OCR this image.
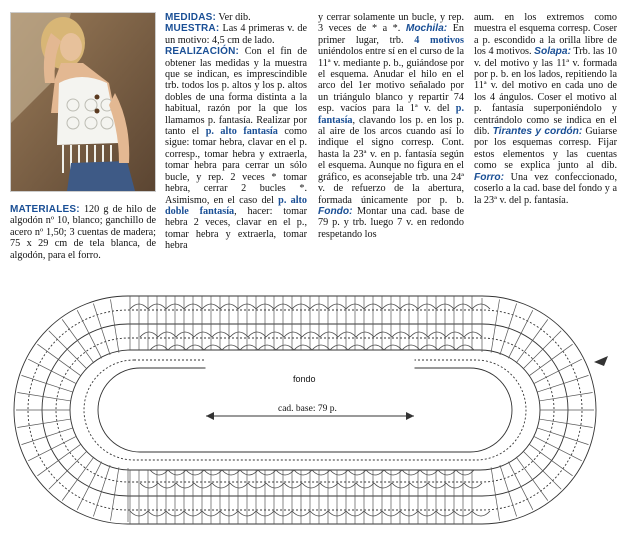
MATERIALES: 120 g de hilo de algodón nº 10, blanco; ganchillo de acero nº 1,50; 3 cuentas de madera; 75 x 29 cm de tela blanca, de algodón, para el forro.
MEDIDAS: Ver dib.
MUESTRA: Las 4 primeras v. de un motivo: 4,5 cm de lado.
REALIZACIÓN: Con el fin de obtener las medidas y la muestra que se indican, es imprescindible trb. todos los p. altos y los p. altos dobles de una forma distinta a la habitual, razón por la que los llamamos p. fantasía. Realizar por tanto el p. alto fantasía como sigue: tomar hebra, clavar en el p. corresp., tomar hebra y extraerla, tomar hebra para cerrar un sólo bucle, y rep. 2 veces * tomar hebra, cerrar 2 bucles *. Asimismo, en el caso del p. alto doble fantasía, hacer: tomar hebra 2 veces, clavar en el p., tomar hebra y extraerla, tomar hebra
y cerrar solamente un bucle, y rep. 3 veces de * a *. Mochila: En primer lugar, trb. 4 motivos uniéndolos entre sí en el curso de la 11ª v. mediante p. b., guiándose por el esquema. Anudar el hilo en el arco del 1er motivo señalado por un triángulo blanco y repartir 74 esp. vacíos para la 1ª v. del p. fantasía, clavando los p. en los p. al aire de los arcos cuando así lo indique el signo corresp. Cont. hasta la 23ª v. en p. fantasía según el esquema. Aunque no figura en el gráfico, es aconsejable trb. una 24ª v. de refuerzo de la abertura, formada únicamente por p. b. Fondo: Montar una cad. base de 79 p. y trb. luego 7 v. en redondo respetando los
aum. en los extremos como muestra el esquema corresp. Coser a p. escondido a la orilla libre de los 4 motivos. Solapa: Trb. las 10 v. del motivo y las 11ª v. formada por p. b. en los lados, repitiendo la 11ª v. del motivo en cada uno de los 4 ángulos. Coser el motivo al p. fantasía superponiéndolo y centrándolo como se indica en el dib. Tirantes y cordón: Guiarse por los esquemas corresp. Fijar estos elementos y las cuentas como se explica junto al dib. Forro: Una vez confeccionado, coserlo a la cad. base del fondo y a la 23ª v. del p. fantasía.
fondo
cad. base: 79 p.
